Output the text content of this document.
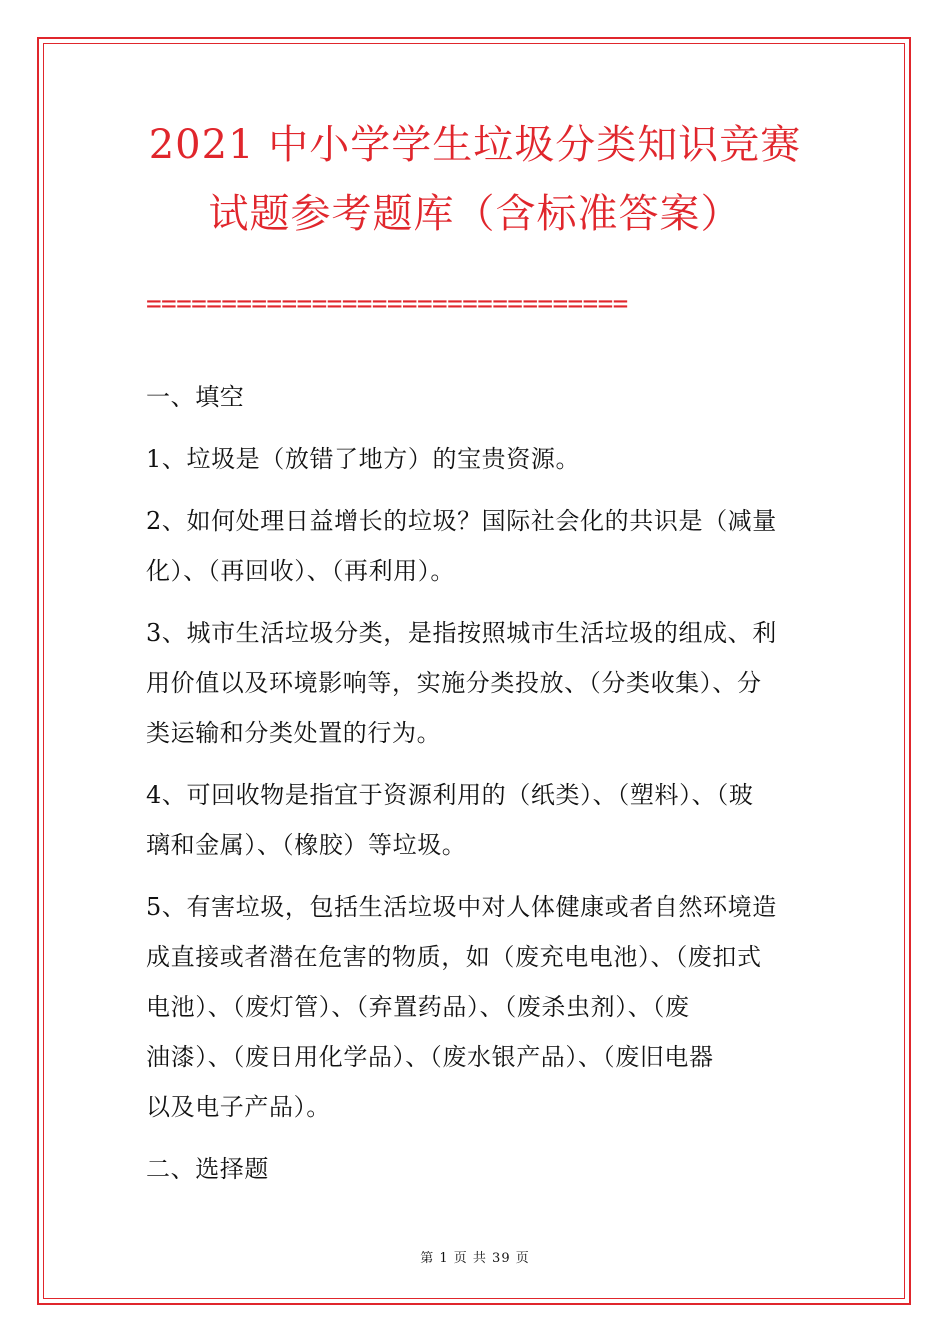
2021 中小学学生垃圾分类知识竞赛
试题参考题库（含标准答案）
================================
一、填空
1、垃圾是（放错了地方）的宝贵资源。
2、如何处理日益增长的垃圾？国际社会化的共识是（减量
化）、（再回收）、（再利用）。
3、城市生活垃圾分类，是指按照城市生活垃圾的组成、利
用价值以及环境影响等，实施分类投放、（分类收集）、分
类运输和分类处置的行为。
4、可回收物是指宜于资源利用的（纸类）、（塑料）、（玻
璃和金属）、（橡胶）等垃圾。
5、有害垃圾，包括生活垃圾中对人体健康或者自然环境造
成直接或者潜在危害的物质，如（废充电电池）、（废扣式
电池）、（废灯管）、（弃置药品）、（废杀虫剂）、（废
油漆）、（废日用化学品）、（废水银产品）、（废旧电器
以及电子产品）。
二、选择题
第 1 页 共 39 页
